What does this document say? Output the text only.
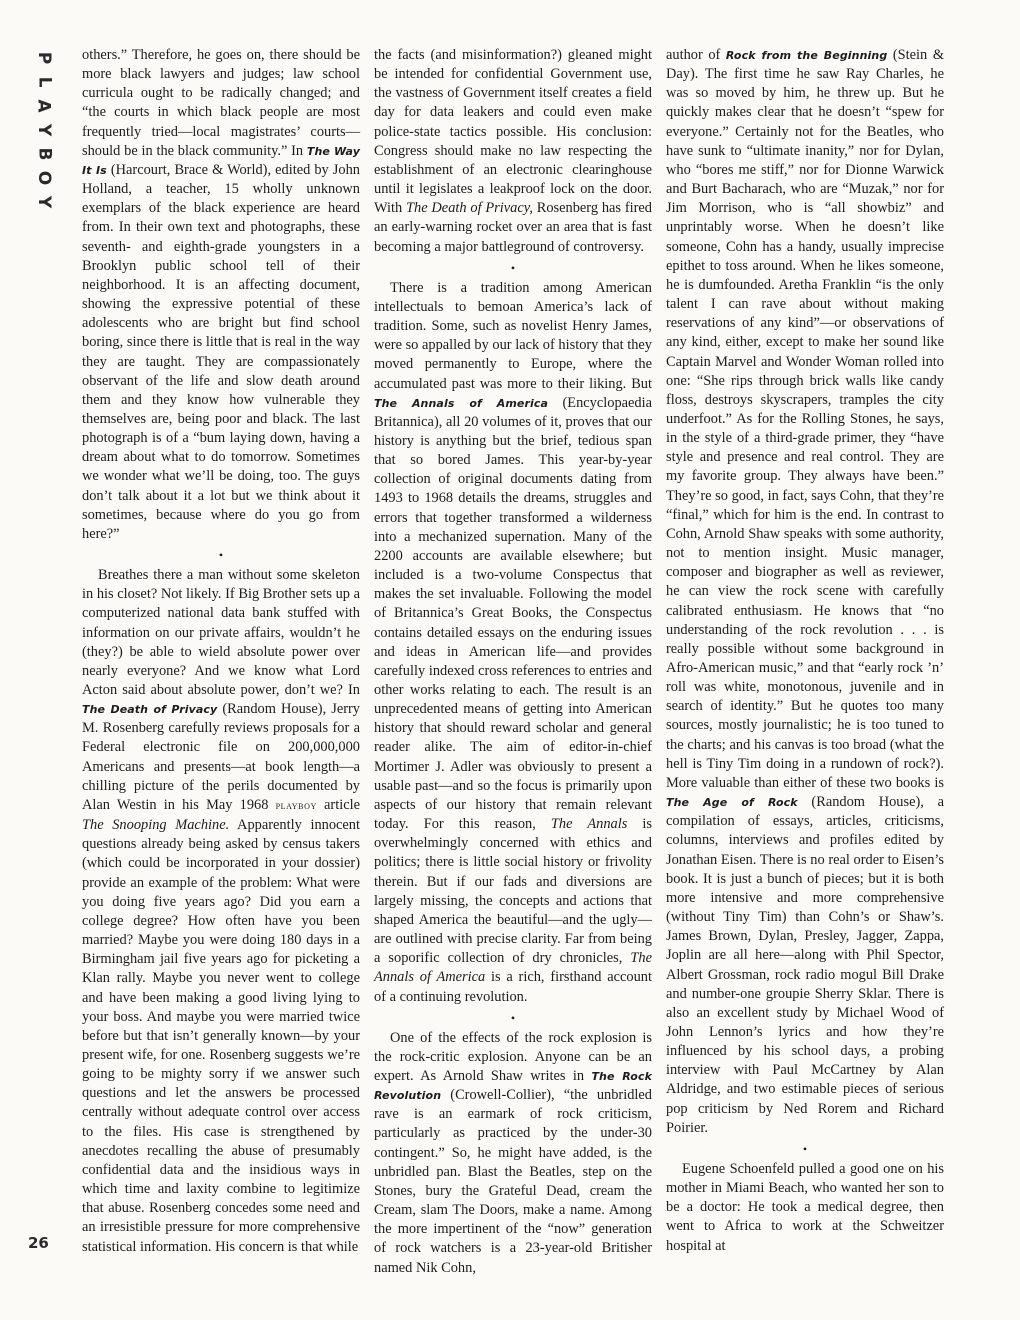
P
L
A
Y
B
O
Y
26

others.” Therefore, he goes on, there should be more black lawyers and judges; law school curricula ought to be radically changed; and “the courts in which black people are most frequently tried—local magistrates’ courts—should be in the black community.” In The Way It Is (Harcourt, Brace & World), edited by John Holland, a teacher, 15 wholly unknown exemplars of the black experience are heard from. In their own text and photographs, these seventh- and eighth-grade youngsters in a Brooklyn public school tell of their neighborhood. It is an affecting document, showing the expressive potential of these adolescents who are bright but find school boring, since there is little that is real in the way they are taught. They are compassionately observant of the life and slow death around them and they know how vulnerable they themselves are, being poor and black. The last photograph is of a “bum laying down, having a dream about what to do tomorrow. Sometimes we wonder what we’ll be doing, too. The guys don’t talk about it a lot but we think about it sometimes, because where do you go from here?”

•

Breathes there a man without some skeleton in his closet? Not likely. If Big Brother sets up a computerized national data bank stuffed with information on our private affairs, wouldn’t he (they?) be able to wield absolute power over nearly everyone? And we know what Lord Acton said about absolute power, don’t we? In The Death of Privacy (Random House), Jerry M. Rosenberg carefully reviews proposals for a Federal electronic file on 200,000,000 Americans and presents—at book length—a chilling picture of the perils documented by Alan Westin in his May 1968 playboy article The Snooping Machine. Apparently innocent questions already being asked by census takers (which could be incorporated in your dossier) provide an example of the problem: What were you doing five years ago? Did you earn a college degree? How often have you been married? Maybe you were doing 180 days in a Birmingham jail five years ago for picketing a Klan rally. Maybe you never went to college and have been making a good living lying to your boss. And maybe you were married twice before but that isn’t generally known—by your present wife, for one. Rosenberg suggests we’re going to be mighty sorry if we answer such questions and let the answers be processed centrally without adequate control over access to the files. His case is strengthened by anecdotes recalling the abuse of presumably confidential data and the insidious ways in which time and laxity combine to legitimize that abuse. Rosenberg concedes some need and an irresistible pressure for more comprehensive statistical information. His concern is that while

the facts (and misinformation?) gleaned might be intended for confidential Government use, the vastness of Government itself creates a field day for data leakers and could even make police-state tactics possible. His conclusion: Congress should make no law respecting the establishment of an electronic clearinghouse until it legislates a leakproof lock on the door. With The Death of Privacy, Rosenberg has fired an early-warning rocket over an area that is fast becoming a major battleground of controversy.

•

There is a tradition among American intellectuals to bemoan America’s lack of tradition. Some, such as novelist Henry James, were so appalled by our lack of history that they moved permanently to Europe, where the accumulated past was more to their liking. But The Annals of America (Encyclopaedia Britannica), all 20 volumes of it, proves that our history is anything but the brief, tedious span that so bored James. This year-by-year collection of original documents dating from 1493 to 1968 details the dreams, struggles and errors that together transformed a wilderness into a mechanized supernation. Many of the 2200 accounts are available elsewhere; but included is a two-volume Conspectus that makes the set invaluable. Following the model of Britannica’s Great Books, the Conspectus contains detailed essays on the enduring issues and ideas in American life—and provides carefully indexed cross references to entries and other works relating to each. The result is an unprecedented means of getting into American history that should reward scholar and general reader alike. The aim of editor-in-chief Mortimer J. Adler was obviously to present a usable past—and so the focus is primarily upon aspects of our history that remain relevant today. For this reason, The Annals is overwhelmingly concerned with ethics and politics; there is little social history or frivolity therein. But if our fads and diversions are largely missing, the concepts and actions that shaped America the beautiful—and the ugly—are outlined with precise clarity. Far from being a soporific collection of dry chronicles, The Annals of America is a rich, firsthand account of a continuing revolution.

•

One of the effects of the rock explosion is the rock-critic explosion. Anyone can be an expert. As Arnold Shaw writes in The Rock Revolution (Crowell-Collier), “the unbridled rave is an earmark of rock criticism, particularly as practiced by the under-30 contingent.” So, he might have added, is the unbridled pan. Blast the Beatles, step on the Stones, bury the Grateful Dead, cream the Cream, slam The Doors, make a name. Among the more impertinent of the “now” generation of rock watchers is a 23-year-old Britisher named Nik Cohn,

author of Rock from the Beginning (Stein & Day). The first time he saw Ray Charles, he was so moved by him, he threw up. But he quickly makes clear that he doesn’t “spew for everyone.” Certainly not for the Beatles, who have sunk to “ultimate inanity,” nor for Dylan, who “bores me stiff,” nor for Dionne Warwick and Burt Bacharach, who are “Muzak,” nor for Jim Morrison, who is “all showbiz” and unprintably worse. When he doesn’t like someone, Cohn has a handy, usually imprecise epithet to toss around. When he likes someone, he is dumfounded. Aretha Franklin “is the only talent I can rave about without making reservations of any kind”—or observations of any kind, either, except to make her sound like Captain Marvel and Wonder Woman rolled into one: “She rips through brick walls like candy floss, destroys skyscrapers, tramples the city underfoot.” As for the Rolling Stones, he says, in the style of a third-grade primer, they “have style and presence and real control. They are my favorite group. They always have been.” They’re so good, in fact, says Cohn, that they’re “final,” which for him is the end. In contrast to Cohn, Arnold Shaw speaks with some authority, not to mention insight. Music manager, composer and biographer as well as reviewer, he can view the rock scene with carefully calibrated enthusiasm. He knows that “no understanding of the rock revolution . . . is really possible without some background in Afro-American music,” and that “early rock ’n’ roll was white, monotonous, juvenile and in search of identity.” But he quotes too many sources, mostly journalistic; he is too tuned to the charts; and his canvas is too broad (what the hell is Tiny Tim doing in a rundown of rock?). More valuable than either of these two books is The Age of Rock (Random House), a compilation of essays, articles, criticisms, columns, interviews and profiles edited by Jonathan Eisen. There is no real order to Eisen’s book. It is just a bunch of pieces; but it is both more intensive and more comprehensive (without Tiny Tim) than Cohn’s or Shaw’s. James Brown, Dylan, Presley, Jagger, Zappa, Joplin are all here—along with Phil Spector, Albert Grossman, rock radio mogul Bill Drake and number-one groupie Sherry Sklar. There is also an excellent study by Michael Wood of John Lennon’s lyrics and how they’re influenced by his school days, a probing interview with Paul McCartney by Alan Aldridge, and two estimable pieces of serious pop criticism by Ned Rorem and Richard Poirier.

•

Eugene Schoenfeld pulled a good one on his mother in Miami Beach, who wanted her son to be a doctor: He took a medical degree, then went to Africa to work at the Schweitzer hospital at
